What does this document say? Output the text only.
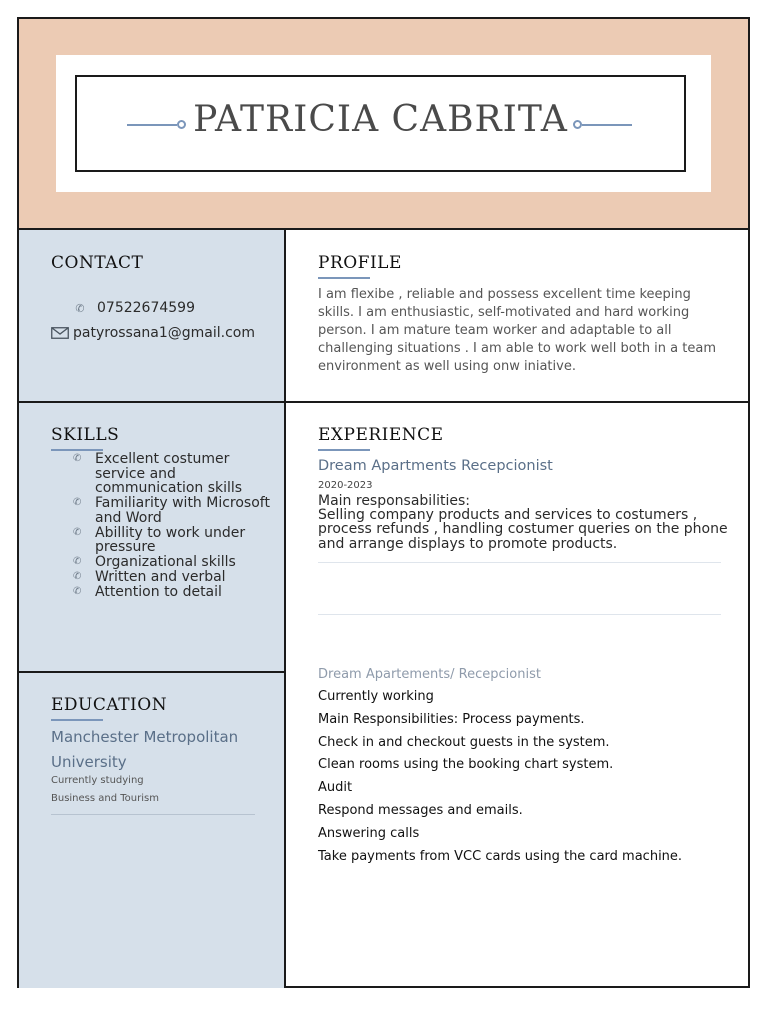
PATRICIA CABRITA
CONTACT
✆ 07522674599
patyrossana1@gmail.com
SKILLS
✆ Excellent costumer service and communication skills
✆ Familiarity with Microsoft and Word
✆ Abillity to work under pressure
✆ Organizational skills
✆ Written and verbal
✆ Attention to detail
EDUCATION
Manchester Metropolitan University
Currently studying
Business and Tourism
PROFILE
I am flexibe , reliable and possess excellent time keeping skills. I am enthusiastic, self-motivated and hard working person. I am mature team worker and adaptable to all challenging situations . I am able to work well both in a team environment as well using onw iniative.
EXPERIENCE
Dream Apartments Recepcionist
2020-2023
Main responsabilities:
Selling company products and services to costumers , process refunds , handling costumer queries on the phone and arrange displays to promote products.
Dream Apartements/ Recepcionist
Currently working
Main Responsibilities: Process payments.
Check in and checkout guests in the system.
Clean rooms using the booking chart system.
Audit
Respond messages and emails.
Answering calls
Take payments from VCC cards using the card machine.
